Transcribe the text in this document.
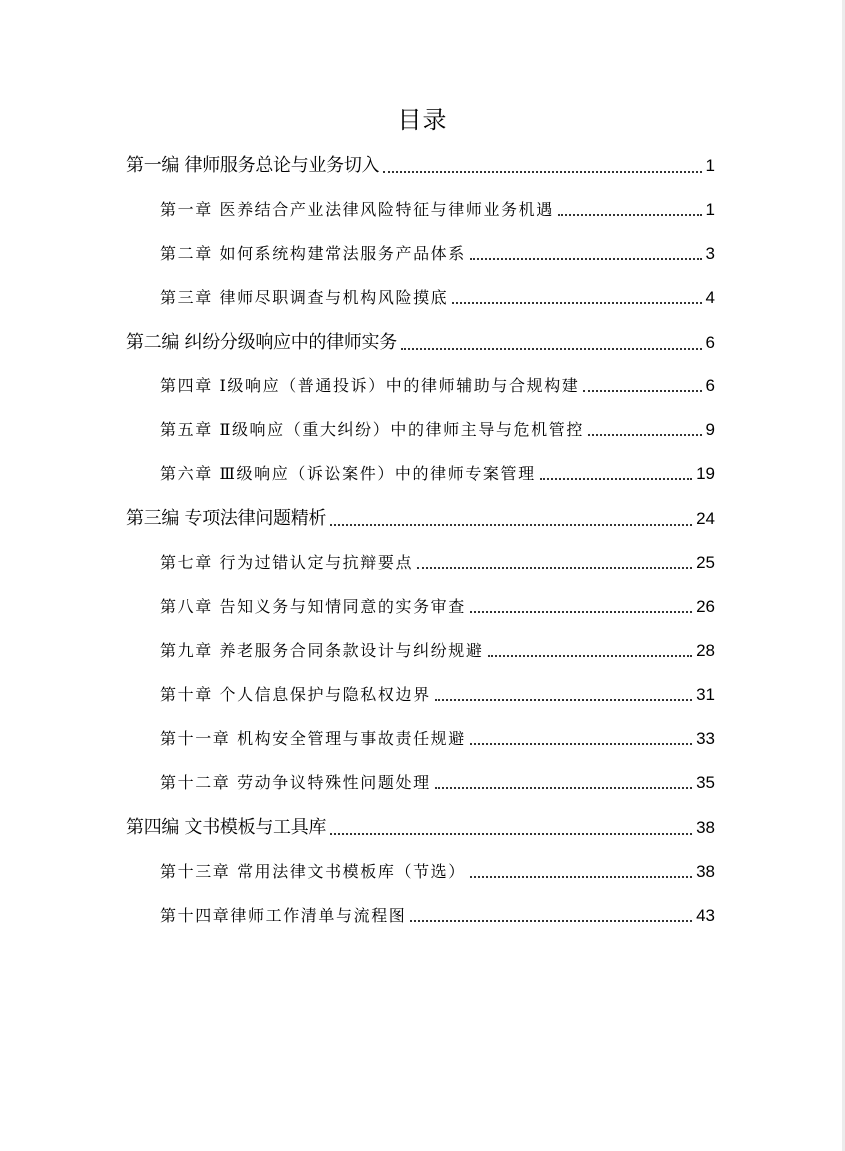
目录
第一编 律师服务总论与业务切入	1
第一章 医养结合产业法律风险特征与律师业务机遇	1
第二章 如何系统构建常法服务产品体系	3
第三章 律师尽职调查与机构风险摸底	4
第二编 纠纷分级响应中的律师实务	6
第四章 Ⅰ级响应（普通投诉）中的律师辅助与合规构建	6
第五章 Ⅱ级响应（重大纠纷）中的律师主导与危机管控	9
第六章 Ⅲ级响应（诉讼案件）中的律师专案管理	19
第三编 专项法律问题精析	24
第七章 行为过错认定与抗辩要点	25
第八章 告知义务与知情同意的实务审查	26
第九章 养老服务合同条款设计与纠纷规避	28
第十章 个人信息保护与隐私权边界	31
第十一章 机构安全管理与事故责任规避	33
第十二章 劳动争议特殊性问题处理	35
第四编 文书模板与工具库	38
第十三章 常用法律文书模板库（节选）	38
第十四章律师工作清单与流程图	43
